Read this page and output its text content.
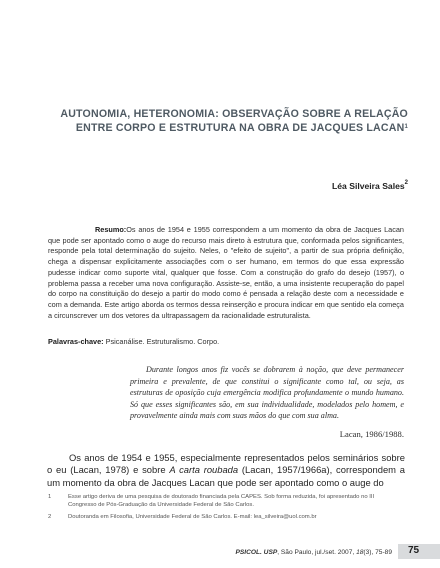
AUTONOMIA, HETERONOMIA: OBSERVAÇÃO SOBRE A RELAÇÃO
ENTRE CORPO E ESTRUTURA NA OBRA DE JACQUES LACAN$^1$
Léa Silveira Sales$^2$
Resumo:Os anos de 1954 e 1955 correspondem a um momento da obra de Jacques Lacan que pode ser apontado como o auge do recurso mais direto à estrutura que, conformada pelos significantes, responde pela total determinação do sujeito. Neles, o "efeito de sujeito", a partir de sua própria definição, chega a dispensar explicitamente associações com o ser humano, em termos do que essa expressão pudesse indicar como suporte vital, qualquer que fosse. Com a construção do grafo do desejo (1957), o problema passa a receber uma nova configuração. Assiste-se, então, a uma insistente recuperação do papel do corpo na constituição do desejo a partir do modo como é pensada a relação deste com a necessidade e com a demanda. Este artigo aborda os termos dessa reinserção e procura indicar em que sentido ela começa a circunscrever um dos vetores da ultrapassagem da racionalidade estruturalista.
Palavras-chave: Psicanálise. Estruturalismo. Corpo.
Durante longos anos fiz vocês se dobrarem à noção, que deve permanecer primeira e prevalente, de que constitui o significante como tal, ou seja, as estruturas de oposição cuja emergência modifica profundamente o mundo humano. Só que esses significantes são, em sua individualidade, modelados pelo homem, e provavelmente ainda mais com suas mãos do que com sua alma.
Lacan, 1986/1988.
Os anos de 1954 e 1955, especialmente representados pelos seminários sobre o eu (Lacan, 1978) e sobre A carta roubada (Lacan, 1957/1966a), correspondem a um momento da obra de Jacques Lacan que pode ser apontado como o auge do
1	Esse artigo deriva de uma pesquisa de doutorado financiada pela CAPES. Sob forma reduzida, foi apresentado no III Congresso de Pós-Graduação da Universidade Federal de São Carlos.
2	Doutoranda em Filosofia, Universidade Federal de São Carlos. E-mail: lea_silveira@uol.com.br
PSICOL. USP, São Paulo, jul./set. 2007, 18(3), 75-89 75
